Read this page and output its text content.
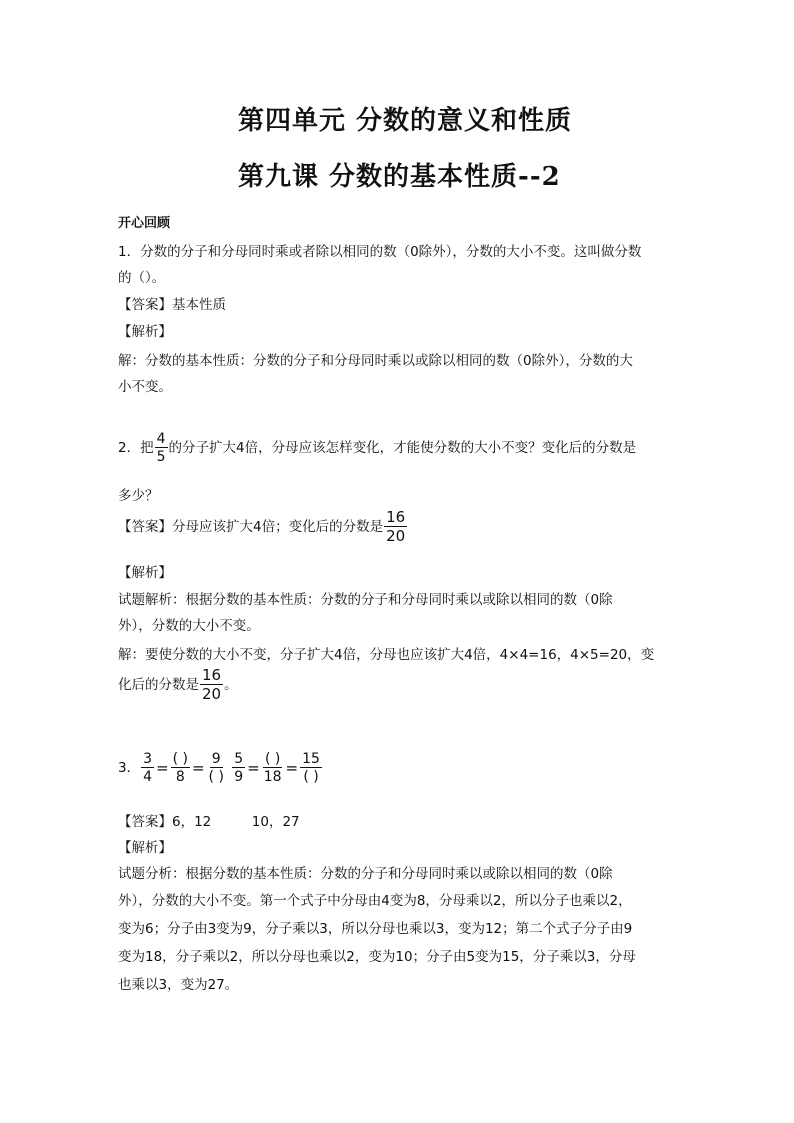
第四单元 分数的意义和性质
第九课 分数的基本性质--2
开心回顾
1．分数的分子和分母同时乘或者除以相同的数（0除外），分数的大小不变。这叫做分数
的（）。
【答案】基本性质
【解析】
解：分数的基本性质：分数的分子和分母同时乘以或除以相同的数（0除外），分数的大
小不变。
2．把 $\frac{4}{5}$ 的分子扩大4倍，分母应该怎样变化，才能使分数的大小不变？变化后的分数是
多少？
【答案】分母应该扩大4倍；变化后的分数是 $\frac{16}{20}$
【解析】
试题解析：根据分数的基本性质：分数的分子和分母同时乘以或除以相同的数（0除
外），分数的大小不变。
解：要使分数的大小不变，分子扩大4倍，分母也应该扩大4倍，4×4=16，4×5=20，变
化后的分数是 $\frac{16}{20}$ 。
3． $\frac{3}{4} = \frac{( )}{8} = \frac{9}{( )}$
$\frac{5}{9} = \frac{( )}{18} = \frac{15}{( )}$
【答案】6，12　　　10，27
【解析】
试题分析：根据分数的基本性质：分数的分子和分母同时乘以或除以相同的数（0除
外），分数的大小不变。第一个式子中分母由4变为8，分母乘以2，所以分子也乘以2，
变为6；分子由3变为9，分子乘以3，所以分母也乘以3，变为12；第二个式子分子由9
变为18，分子乘以2，所以分母也乘以2，变为10；分子由5变为15，分子乘以3，分母
也乘以3，变为27。
